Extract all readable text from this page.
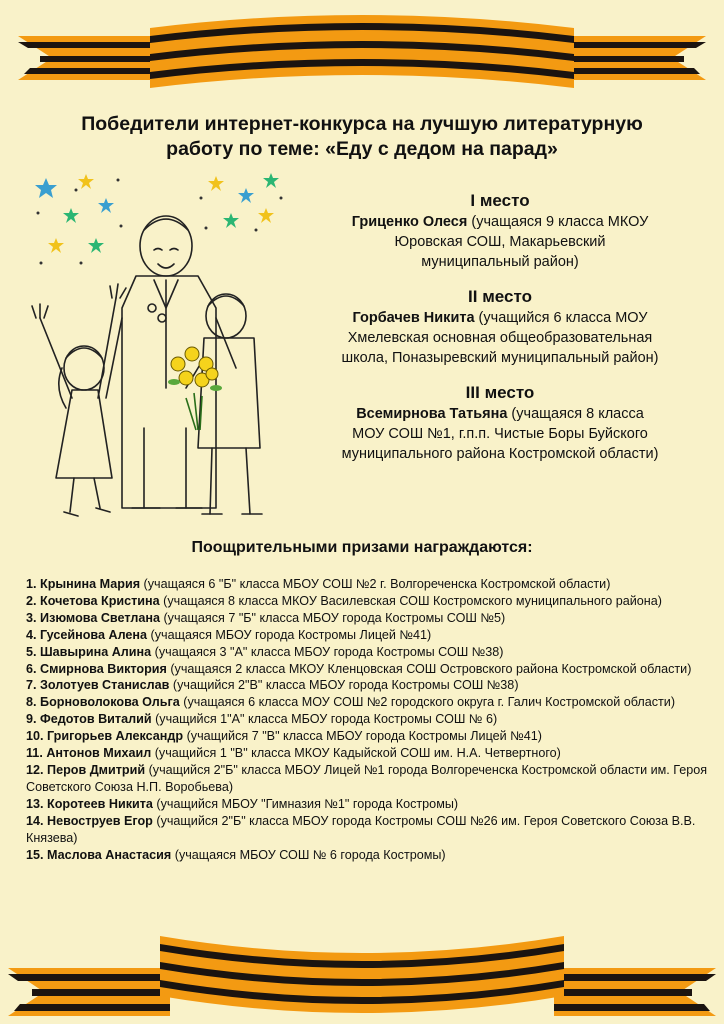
Победители интернет-конкурса на лучшую литературную
работу по теме: «Еду с дедом на парад»
I место
Гриценко Олеся (учащаяся 9 класса МКОУ
Юровская СОШ, Макарьевский
муниципальный район)
II место
Горбачев Никита (учащийся 6 класса МОУ
Хмелевская основная общеобразовательная
школа, Поназыревский муниципальный район)
III место
Всемирнова Татьяна (учащаяся 8 класса
МОУ СОШ №1, г.п.п. Чистые Боры Буйского
муниципального района Костромской области)
Поощрительными призами награждаются:

1. Крынина Мария (учащаяся 6 "Б" класса МБОУ СОШ №2 г. Волгореченска Костромской области)

2. Кочетова Кристина (учащаяся 8 класса МКОУ Василевская СОШ Костромского муниципального района)

3. Изюмова Светлана (учащаяся 7 "Б" класса МБОУ города Костромы СОШ №5)

4. Гусейнова Алена (учащаяся МБОУ города Костромы Лицей №41)

5. Шавырина Алина (учащаяся 3 "А" класса МБОУ города Костромы СОШ №38)

6. Смирнова Виктория (учащаяся 2 класса МКОУ Кленцовская СОШ Островского района Костромской области)

7. Золотуев Станислав (учащийся 2"В" класса МБОУ города Костромы СОШ №38)

8. Борноволокова Ольга (учащаяся 6 класса МОУ СОШ №2 городского округа г. Галич Костромской области)

9. Федотов Виталий (учащийся 1"А" класса МБОУ города Костромы СОШ № 6)

10. Григорьев Александр (учащийся 7 "В" класса МБОУ города Костромы Лицей №41)

11. Антонов Михаил (учащийся 1 "В" класса МКОУ Кадыйской СОШ им. Н.А. Четвертного)

12. Перов Дмитрий (учащийся 2"Б" класса МБОУ Лицей №1 города Волгореченска Костромской области им. Героя Советского Союза Н.П. Воробьева)

13. Коротеев Никита (учащийся МБОУ "Гимназия №1" города Костромы)

14. Невоструев Егор (учащийся 2"Б" класса МБОУ города Костромы СОШ №26 им. Героя Советского Союза В.В. Князева)

15. Маслова Анастасия (учащаяся МБОУ СОШ № 6 города Костромы)
